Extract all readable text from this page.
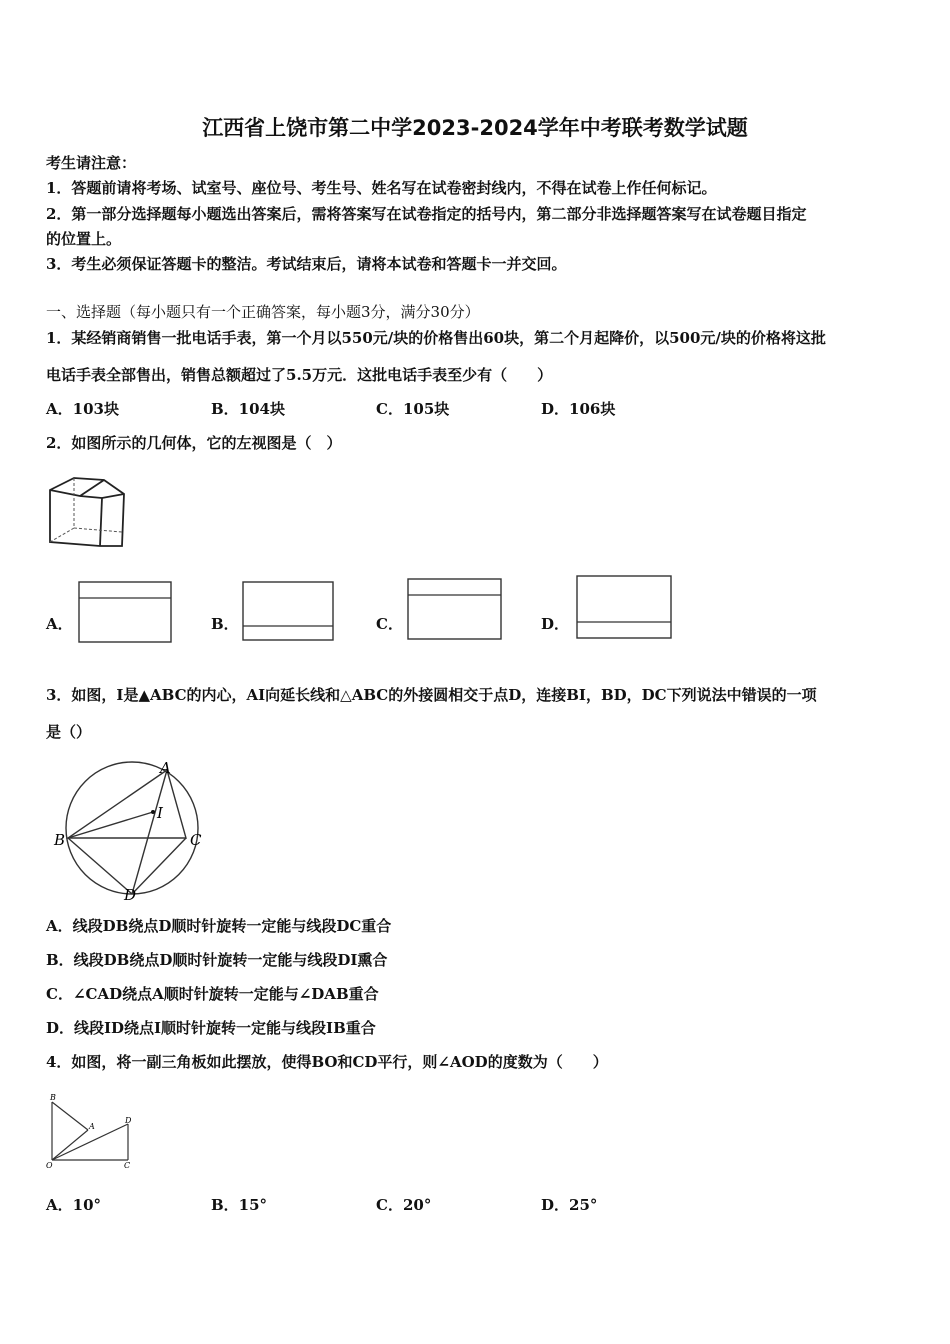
江西省上饶市第二中学2023-2024学年中考联考数学试题
考生请注意：
1．答题前请将考场、试室号、座位号、考生号、姓名写在试卷密封线内，不得在试卷上作任何标记。
2．第一部分选择题每小题选出答案后，需将答案写在试卷指定的括号内，第二部分非选择题答案写在试卷题目指定
的位置上。
3．考生必须保证答题卡的整洁。考试结束后，请将本试卷和答题卡一并交回。
一、选择题（每小题只有一个正确答案，每小题3分，满分30分）
1．某经销商销售一批电话手表，第一个月以550元/块的价格售出60块，第二个月起降价，以500元/块的价格将这批
电话手表全部售出，销售总额超过了5.5万元．这批电话手表至少有（　　）
A．103块	B．104块	C．105块	D．106块
2．如图所示的几何体，它的左视图是（　）
A．	B．	C．	D．
3．如图，I是▲ABC的内心，AI向延长线和△ABC的外接圆相交于点D，连接BI，BD，DC下列说法中错误的一项
是（）
A
B	C
D
I
A．线段DB绕点D顺时针旋转一定能与线段DC重合
B．线段DB绕点D顺时针旋转一定能与线段DI熏合
C．∠CAD绕点A顺时针旋转一定能与∠DAB重合
D．线段ID绕点I顺时针旋转一定能与线段IB重合
4．如图，将一副三角板如此摆放，使得BO和CD平行，则∠AOD的度数为（　　）
B
A
D
O	C
A．10°	B．15°	C．20°	D．25°
